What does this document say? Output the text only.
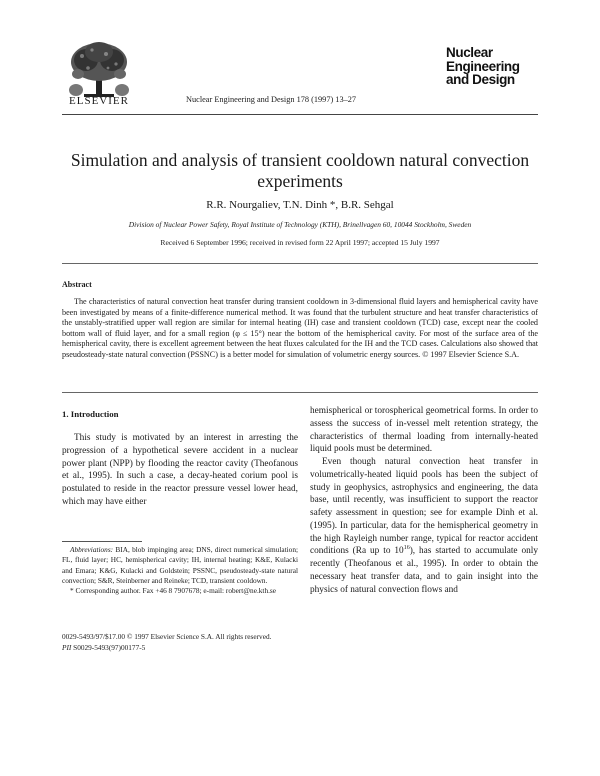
ELSEVIER	Nuclear Engineering and Design 178 (1997) 13–27
Nuclear
Engineering
and Design
Simulation and analysis of transient cooldown natural convection experiments
R.R. Nourgaliev, T.N. Dinh *, B.R. Sehgal
Division of Nuclear Power Safety, Royal Institute of Technology (KTH), Brinellvagen 60, 10044 Stockholm, Sweden
Received 6 September 1996; received in revised form 22 April 1997; accepted 15 July 1997
Abstract
The characteristics of natural convection heat transfer during transient cooldown in 3-dimensional fluid layers and hemispherical cavity have been investigated by means of a finite-difference numerical method. It was found that the turbulent structure and heat transfer characteristics of the unstably-stratified upper wall region are similar for internal heating (IH) case and transient cooldown (TCD) case, except near the cooled bottom wall of fluid layer, and for a small region (φ ≤ 15°) near the bottom of the hemispherical cavity. For most of the surface area of the hemispherical cavity, there is excellent agreement between the heat fluxes calculated for the IH and the TCD cases. Calculations also showed that pseudosteady-state natural convection (PSSNC) is a better model for simulation of volumetric energy sources. © 1997 Elsevier Science S.A.
1. Introduction

This study is motivated by an interest in arresting the progression of a hypothetical severe accident in a nuclear power plant (NPP) by flooding the reactor cavity (Theofanous et al., 1995). In such a case, a decay-heated corium pool is postulated to reside in the reactor pressure vessel lower head, which may have either

hemispherical or torospherical geometrical forms. In order to assess the success of in-vessel melt retention strategy, the characteristics of thermal loading from internally-heated liquid pools must be determined.

Even though natural convection heat transfer in volumetrically-heated liquid pools has been the subject of study in geophysics, astrophysics and engineering, the data base, until recently, was insufficient to support the reactor safety assessment in question; see for example Dinh et al. (1995). In particular, data for the hemispherical geometry in the high Rayleigh number range, typical for reactor accident conditions (Ra up to $10^{16}$), has started to accumulate only recently (Theofanous et al., 1995). In order to obtain the necessary heat transfer data, and to gain insight into the physics of natural convection flows and

Abbreviations: BIA, blob impinging area; DNS, direct numerical simulation; FL, fluid layer; HC, hemispherical cavity; IH, internal heating; K&E, Kulacki and Emara; K&G, Kulacki and Goldstein; PSSNC, pseudosteady-state natural convection; S&R, Steinberner and Reineke; TCD, transient cooldown.

* Corresponding author. Fax +46 8 7907678; e-mail: robert@ne.kth.se

0029-5493/97/$17.00 © 1997 Elsevier Science S.A. All rights reserved.
PII S0029-5493(97)00177-5
